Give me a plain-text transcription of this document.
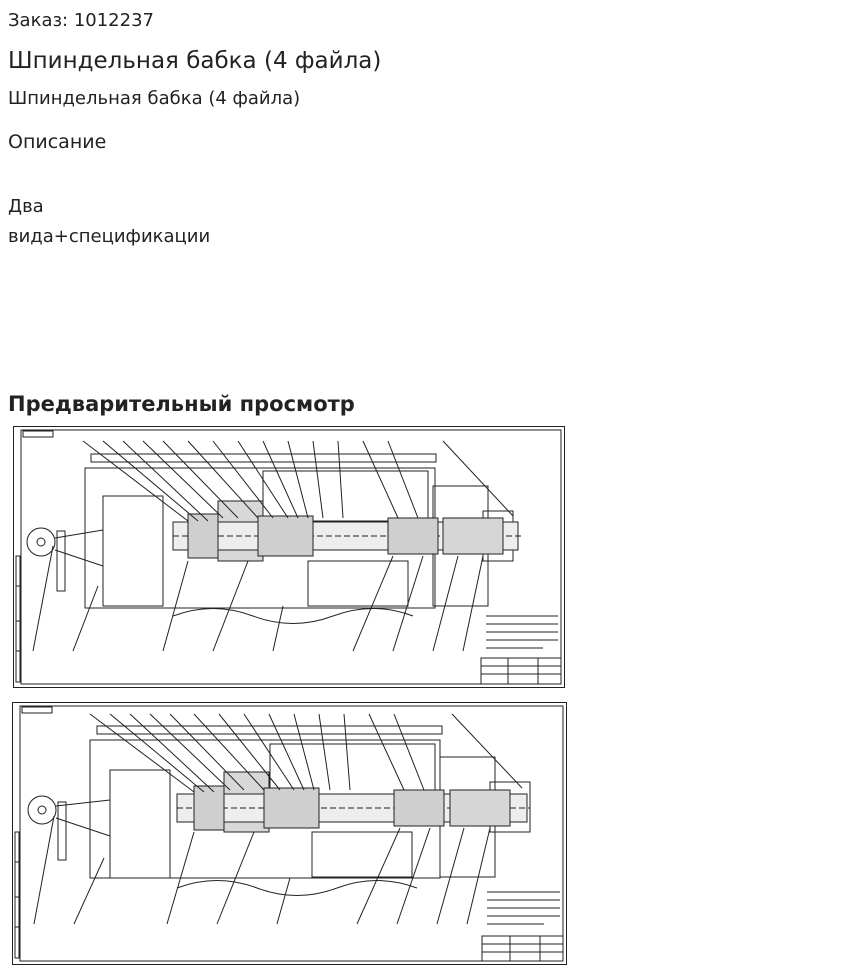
Заказ: 1012237
Шпиндельная бабка (4 файла)
Шпиндельная бабка (4 файла)
Описание
Два
вида+спецификации
Предварительный просмотр
